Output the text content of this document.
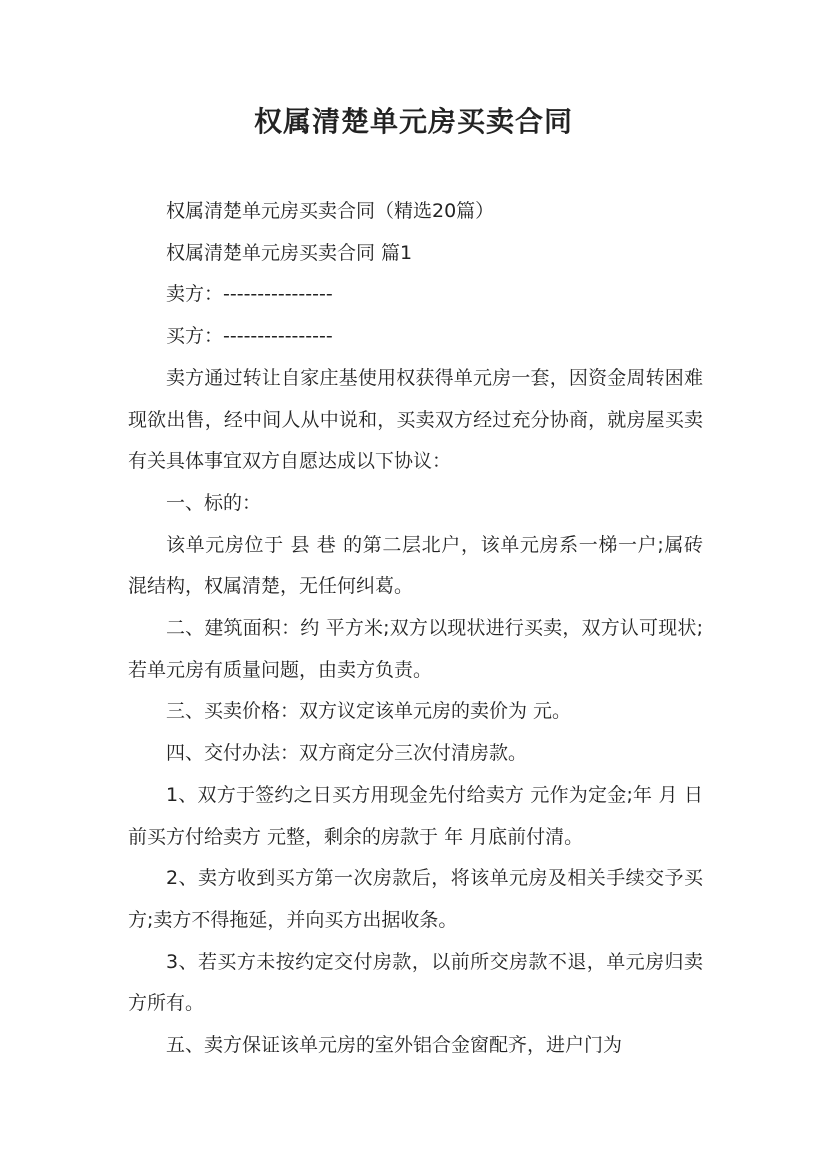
权属清楚单元房买卖合同

权属清楚单元房买卖合同（精选20篇）

权属清楚单元房买卖合同 篇1

卖方：----------------

买方：----------------

卖方通过转让自家庄基使用权获得单元房一套，因资金周转困难现欲出售，经中间人从中说和，买卖双方经过充分协商，就房屋买卖有关具体事宜双方自愿达成以下协议：

一、标的：

该单元房位于 县 巷 的第二层北户，该单元房系一梯一户;属砖混结构，权属清楚，无任何纠葛。

二、建筑面积：约 平方米;双方以现状进行买卖，双方认可现状;若单元房有质量问题，由卖方负责。

三、买卖价格：双方议定该单元房的卖价为 元。

四、交付办法：双方商定分三次付清房款。

1、双方于签约之日买方用现金先付给卖方 元作为定金;年 月 日前买方付给卖方 元整，剩余的房款于 年 月底前付清。

2、卖方收到买方第一次房款后，将该单元房及相关手续交予买方;卖方不得拖延，并向买方出据收条。

3、若买方未按约定交付房款，以前所交房款不退，单元房归卖方所有。

五、卖方保证该单元房的室外铝合金窗配齐，进户门为
